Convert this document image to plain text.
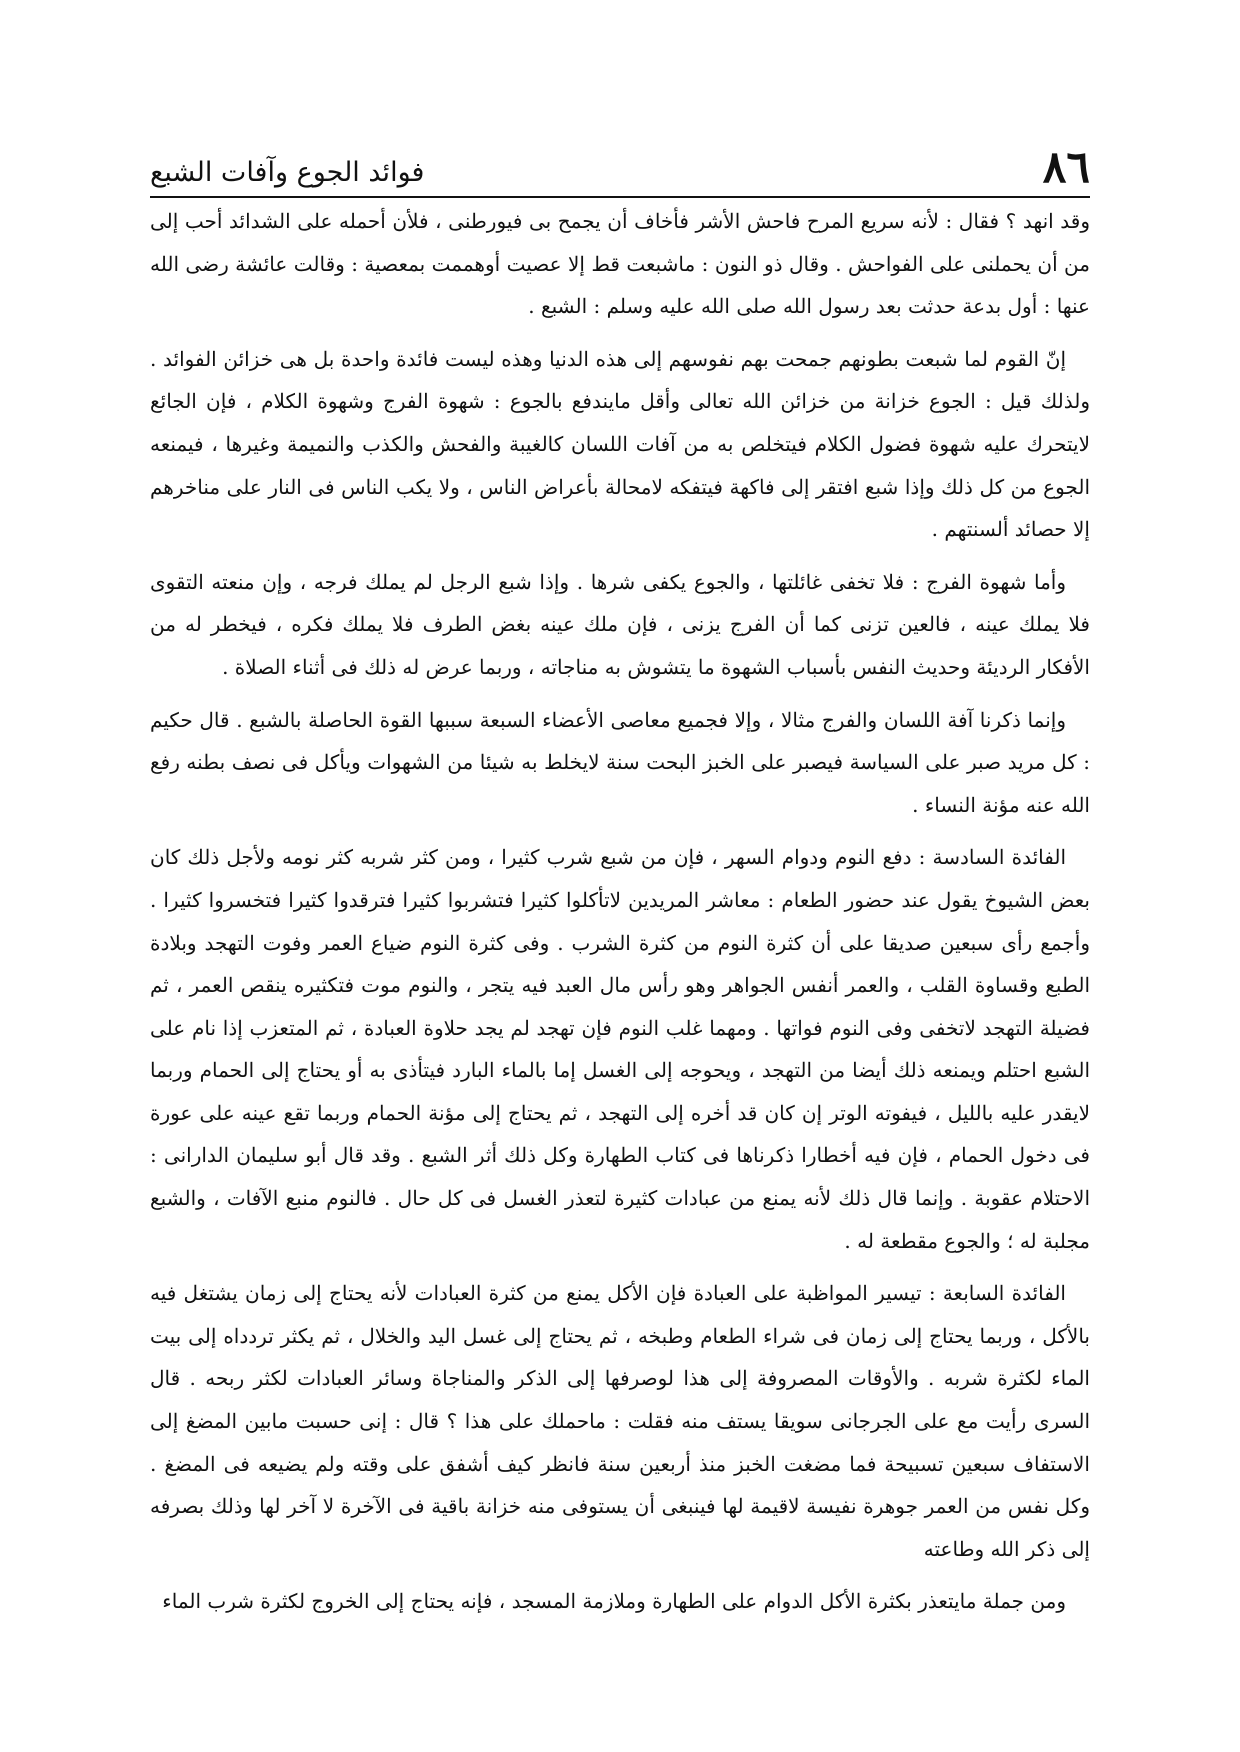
٨٦
فوائد الجوع وآفات الشبع

وقد انهد ؟ فقال : لأنه سريع المرح فاحش الأشر فأخاف أن يجمح بى فيورطنى ، فلأن أحمله على الشدائد أحب إلى من أن يحملنى على الفواحش . وقال ذو النون : ماشبعت قط إلا عصيت أوهممت بمعصية : وقالت عائشة رضى الله عنها : أول بدعة حدثت بعد رسول الله صلى الله عليه وسلم : الشبع .

إنّ القوم لما شبعت بطونهم جمحت بهم نفوسهم إلى هذه الدنيا وهذه ليست فائدة واحدة بل هى خزائن الفوائد . ولذلك قيل : الجوع خزانة من خزائن الله تعالى وأقل مايندفع بالجوع : شهوة الفرج وشهوة الكلام ، فإن الجائع لايتحرك عليه شهوة فضول الكلام فيتخلص به من آفات اللسان كالغيبة والفحش والكذب والنميمة وغيرها ، فيمنعه الجوع من كل ذلك وإذا شبع افتقر إلى فاكهة فيتفكه لامحالة بأعراض الناس ، ولا يكب الناس فى النار على مناخرهم إلا حصائد ألسنتهم .

وأما شهوة الفرج : فلا تخفى غائلتها ، والجوع يكفى شرها . وإذا شبع الرجل لم يملك فرجه ، وإن منعته التقوى فلا يملك عينه ، فالعين تزنى كما أن الفرج يزنى ، فإن ملك عينه بغض الطرف فلا يملك فكره ، فيخطر له من الأفكار الرديئة وحديث النفس بأسباب الشهوة ما يتشوش به مناجاته ، وربما عرض له ذلك فى أثناء الصلاة .

وإنما ذكرنا آفة اللسان والفرج مثالا ، وإلا فجميع معاصى الأعضاء السبعة سببها القوة الحاصلة بالشبع . قال حكيم : كل مريد صبر على السياسة فيصبر على الخبز البحت سنة لايخلط به شيئا من الشهوات ويأكل فى نصف بطنه رفع الله عنه مؤنة النساء .

الفائدة السادسة : دفع النوم ودوام السهر ، فإن من شبع شرب كثيرا ، ومن كثر شربه كثر نومه ولأجل ذلك كان بعض الشيوخ يقول عند حضور الطعام : معاشر المريدين لاتأكلوا كثيرا فتشربوا كثيرا فترقدوا كثيرا فتخسروا كثيرا . وأجمع رأى سبعين صديقا على أن كثرة النوم من كثرة الشرب . وفى كثرة النوم ضياع العمر وفوت التهجد وبلادة الطبع وقساوة القلب ، والعمر أنفس الجواهر وهو رأس مال العبد فيه يتجر ، والنوم موت فتكثيره ينقص العمر ، ثم فضيلة التهجد لاتخفى وفى النوم فواتها . ومهما غلب النوم فإن تهجد لم يجد حلاوة العبادة ، ثم المتعزب إذا نام على الشبع احتلم ويمنعه ذلك أيضا من التهجد ، ويحوجه إلى الغسل إما بالماء البارد فيتأذى به أو يحتاج إلى الحمام وربما لايقدر عليه بالليل ، فيفوته الوتر إن كان قد أخره إلى التهجد ، ثم يحتاج إلى مؤنة الحمام وربما تقع عينه على عورة فى دخول الحمام ، فإن فيه أخطارا ذكرناها فى كتاب الطهارة وكل ذلك أثر الشبع . وقد قال أبو سليمان الدارانى : الاحتلام عقوبة . وإنما قال ذلك لأنه يمنع من عبادات كثيرة لتعذر الغسل فى كل حال . فالنوم منبع الآفات ، والشبع مجلبة له ؛ والجوع مقطعة له .

الفائدة السابعة : تيسير المواظبة على العبادة فإن الأكل يمنع من كثرة العبادات لأنه يحتاج إلى زمان يشتغل فيه بالأكل ، وربما يحتاج إلى زمان فى شراء الطعام وطبخه ، ثم يحتاج إلى غسل اليد والخلال ، ثم يكثر تردداه إلى بيت الماء لكثرة شربه . والأوقات المصروفة إلى هذا لوصرفها إلى الذكر والمناجاة وسائر العبادات لكثر ربحه . قال السرى رأيت مع على الجرجانى سويقا يستف منه فقلت : ماحملك على هذا ؟ قال : إنى حسبت مابين المضغ إلى الاستفاف سبعين تسبيحة فما مضغت الخبز منذ أربعين سنة فانظر كيف أشفق على وقته ولم يضيعه فى المضغ . وكل نفس من العمر جوهرة نفيسة لاقيمة لها فينبغى أن يستوفى منه خزانة باقية فى الآخرة لا آخر لها وذلك بصرفه إلى ذكر الله وطاعته

ومن جملة مايتعذر بكثرة الأكل الدوام على الطهارة وملازمة المسجد ، فإنه يحتاج إلى الخروج لكثرة شرب الماء
